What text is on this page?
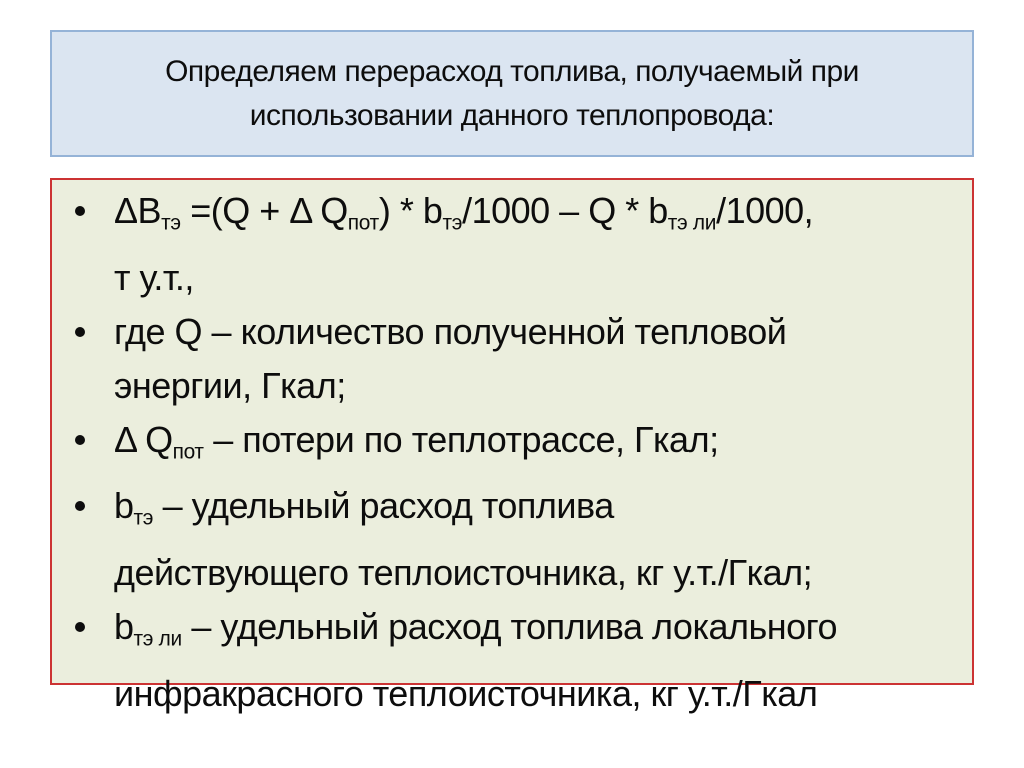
Определяем перерасход топлива, получаемый при
использовании данного теплопровода:
$\Delta B_{тэ} =(Q + \Delta$ $Q_{пот}) * b_{тэ}/1000$ – Q * $b_{тэ ли}/1000$,
т у.т.,
где Q – количество полученной тепловой
энергии, Гкал;
Δ $Q_{пот}$ – потери по теплотрассе, Гкал;
$b_{тэ}$ – удельный расход топлива
действующего теплоисточника, кг у.т./Гкал;
$b_{тэ ли}$ – удельный расход топлива локального
инфракрасного теплоисточника, кг у.т./Гкал
